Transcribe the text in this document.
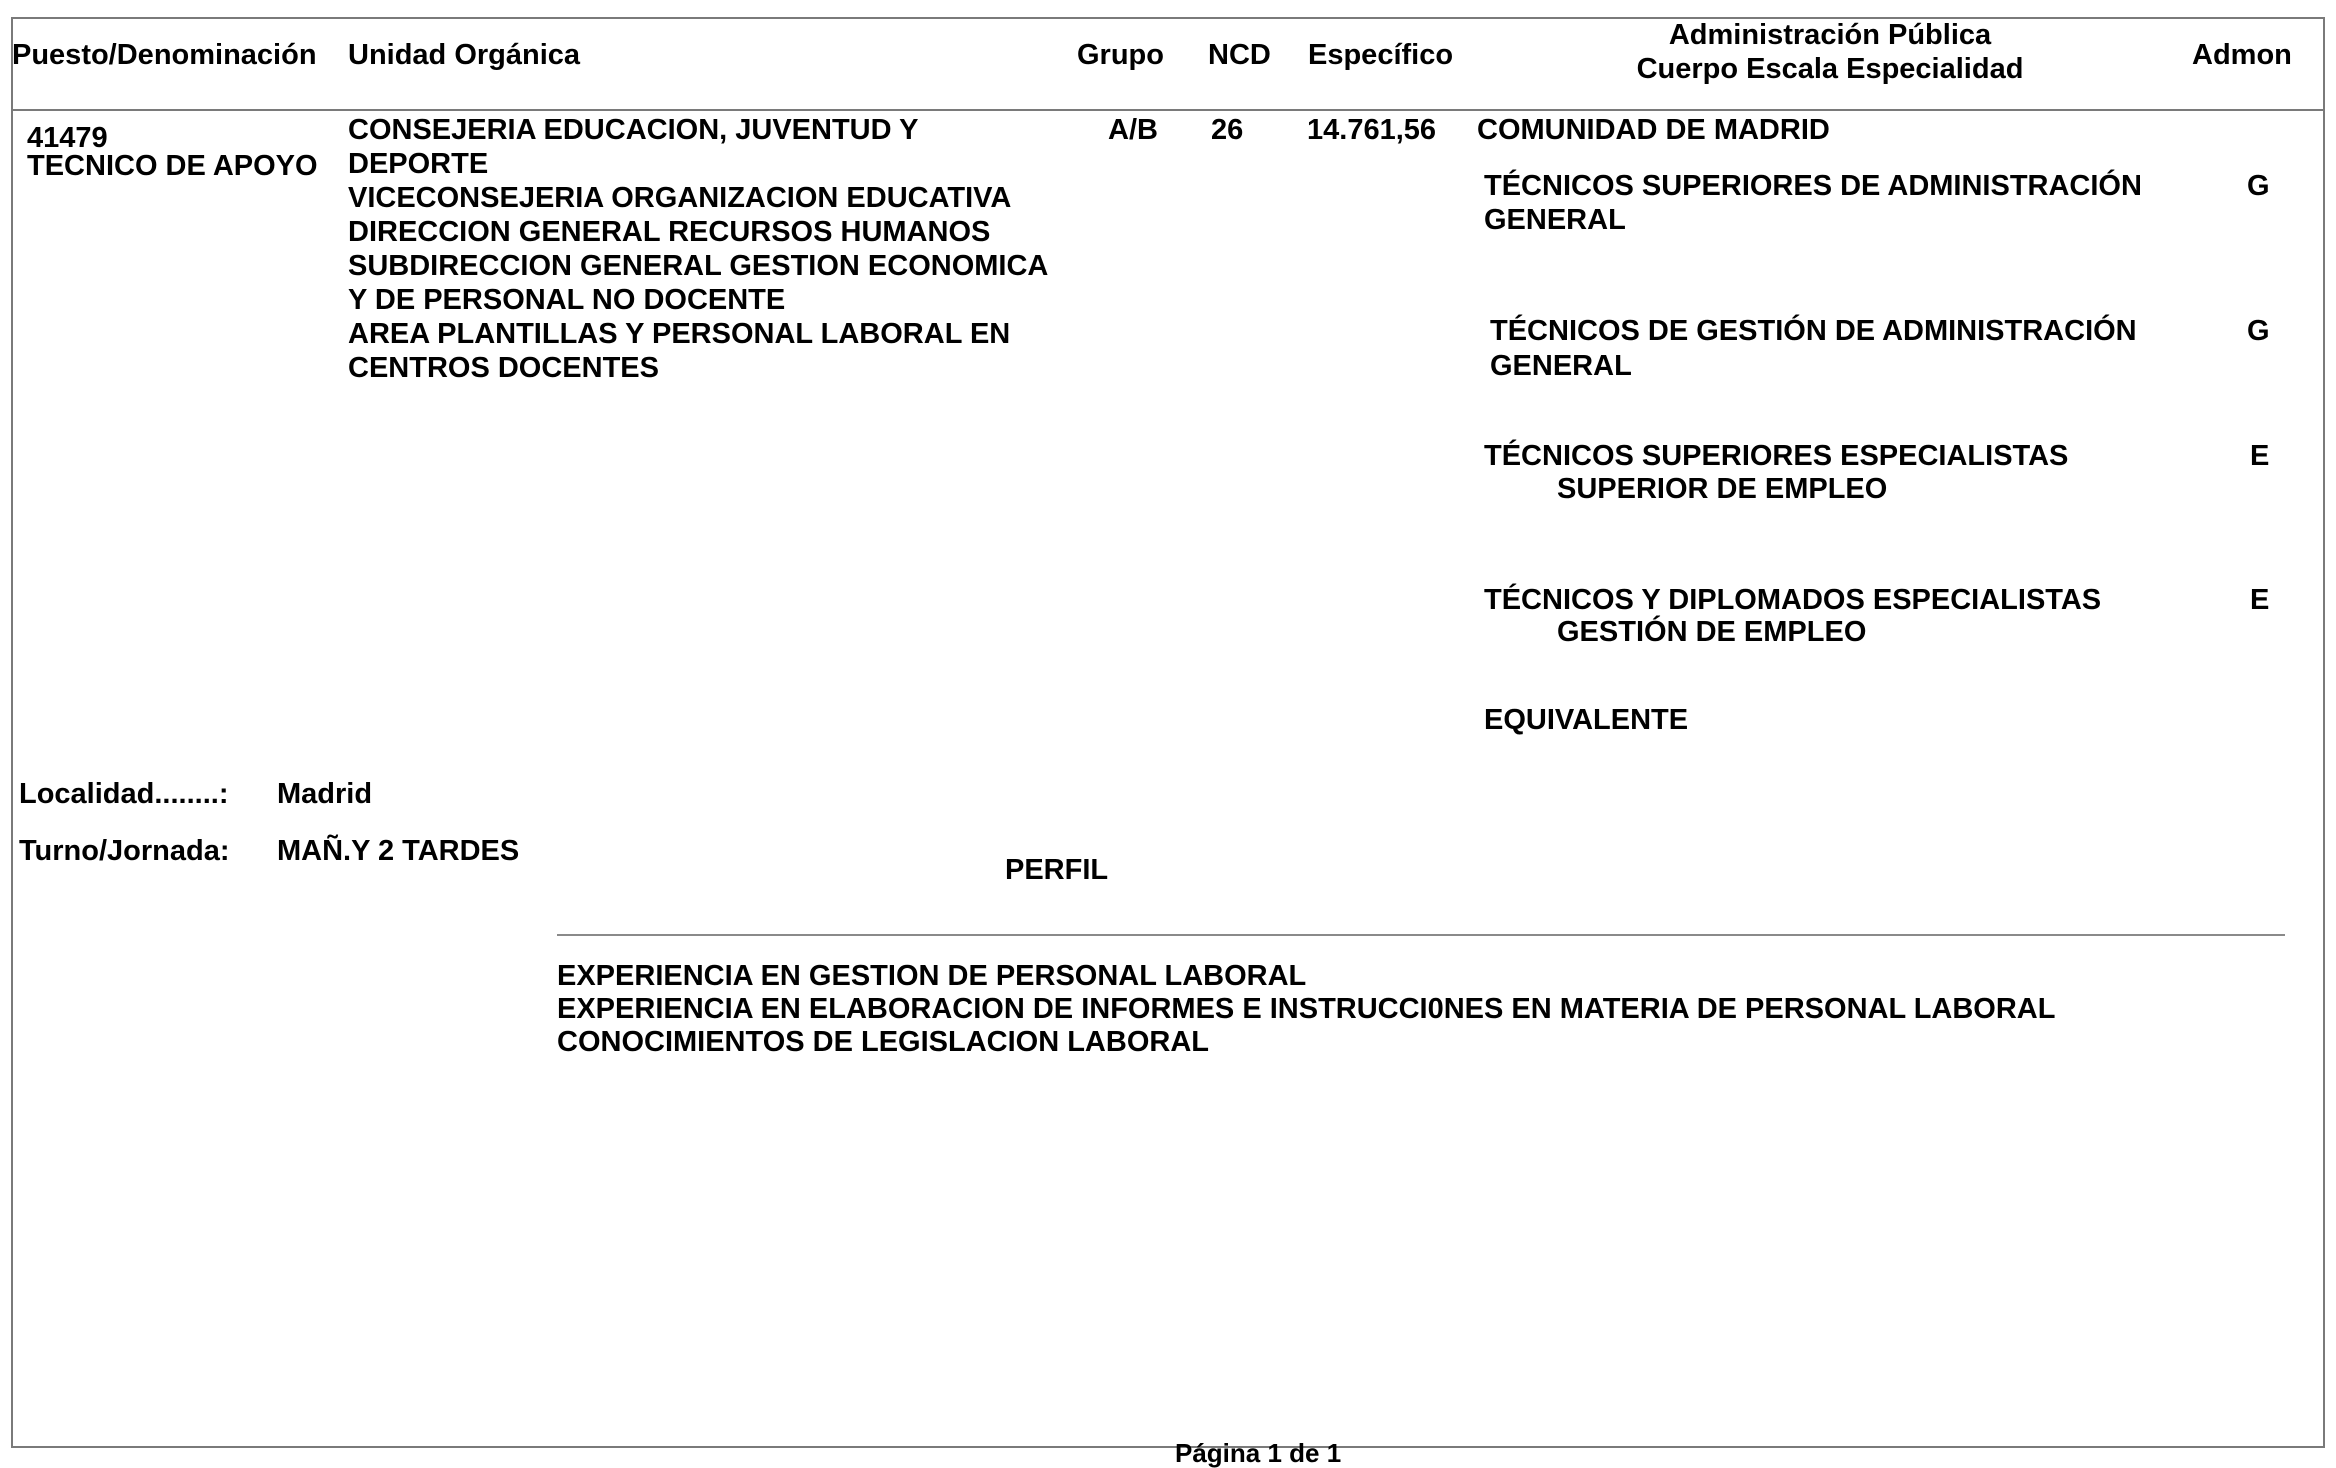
Puesto/Denominación Unidad Orgánica	Grupo NCD Específico
Administración Pública
Cuerpo Escala Especialidad	Admon
41479
TECNICO DE APOYO
CONSEJERIA EDUCACION, JUVENTUD Y
DEPORTE
VICECONSEJERIA ORGANIZACION EDUCATIVA
DIRECCION GENERAL RECURSOS HUMANOS
SUBDIRECCION GENERAL GESTION ECONOMICA
Y DE PERSONAL NO DOCENTE
AREA PLANTILLAS Y PERSONAL LABORAL EN
CENTROS DOCENTES
A/B 26 14.761,56 COMUNIDAD DE MADRID
TÉCNICOS SUPERIORES DE ADMINISTRACIÓN
GENERAL
G
TÉCNICOS DE GESTIÓN DE ADMINISTRACIÓN
GENERAL
G
TÉCNICOS SUPERIORES ESPECIALISTAS
SUPERIOR DE EMPLEO
E
TÉCNICOS Y DIPLOMADOS ESPECIALISTAS
GESTIÓN DE EMPLEO
E
EQUIVALENTE
Localidad........: Madrid
Turno/Jornada: MAÑ.Y 2 TARDES
PERFIL
EXPERIENCIA EN GESTION DE PERSONAL LABORAL
EXPERIENCIA EN ELABORACION DE INFORMES E INSTRUCCI0NES EN MATERIA DE PERSONAL LABORAL
CONOCIMIENTOS DE LEGISLACION LABORAL
Página 1 de 1
